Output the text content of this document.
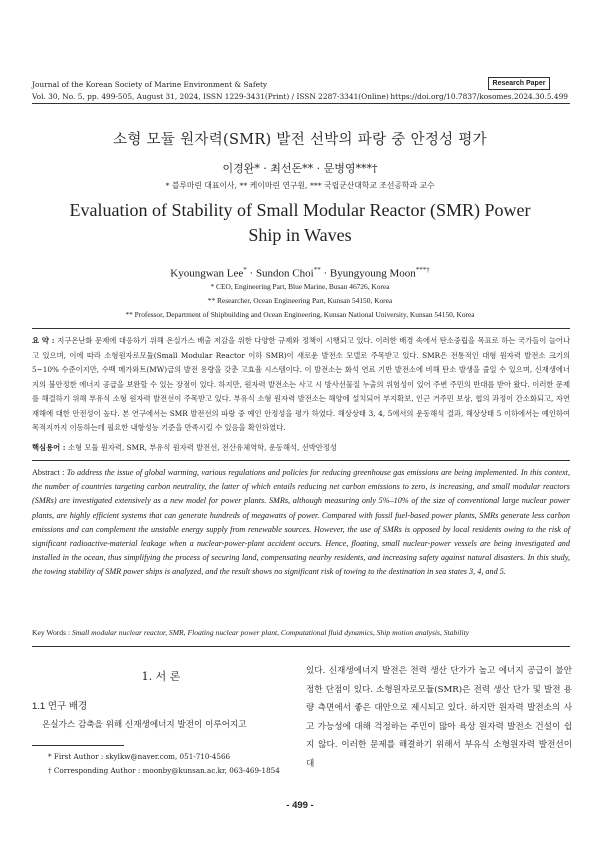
Journal of the Korean Society of Marine Environment & Safety	Research Paper
Vol. 30, No. 5, pp. 499-505, August 31, 2024, ISSN 1229-3431(Print) / ISSN 2287-3341(Online) https://doi.org/10.7837/kosomes.2024.30.5.499
소형 모듈 원자력(SMR) 발전 선박의 파랑 중 안정성 평가
이경완* · 최선돈** · 문병영***†
* 블루마린 대표이사, ** 케이마린 연구원, *** 국립군산대학교 조선공학과 교수
Evaluation of Stability of Small Modular Reactor (SMR) Power Ship in Waves
Kyoungwan Lee* · Sundon Choi** · Byungyoung Moon***†
* CEO, Engineering Part, Blue Marine, Busan 46726, Korea
** Researcher, Ocean Engineering Part, Kunsan 54150, Korea
** Professor, Department of Shipbuilding and Ocean Engineering, Kunsan National University, Kunsan 54150, Korea
요 약 : 지구온난화 문제에 대응하기 위해 온실가스 배출 저감을 위한 다양한 규제와 정책이 시행되고 있다. 이러한 배경 속에서 탄소중립을 목표로 하는 국가들이 늘어나고 있으며, 이에 따라 소형원자로모듈(Small Modular Reactor 이하 SMR)이 새로운 발전소 모델로 주목받고 있다. SMR은 전통적인 대형 원자력 발전소 크기의 5~10% 수준이지만, 수백 메가와트(MW)급의 발전 용량을 갖춘 고효율 시스템이다. 이 발전소는 화석 연료 기반 발전소에 비해 탄소 발생을 줄일 수 있으며, 신재생에너지의 불안정한 에너지 공급을 보완할 수 있는 장점이 있다. 하지만, 원자력 발전소는 사고 시 방사선물질 누출의 위험성이 있어 주변 주민의 반대를 받아 왔다. 이러한 문제를 해결하기 위해 부유식 소형 원자력 발전선이 주목받고 있다. 부유식 소형 원자력 발전소는 해양에 설치되어 부지확보, 인근 거주민 보상, 협의 과정이 간소화되고, 자연재해에 대한 안전성이 높다. 본 연구에서는 SMR 발전선의 파랑 중 예인 안정성을 평가 하였다. 해상상태 3, 4, 5에서의 운동해석 결과, 해상상태 5 이하에서는 예인하여 목적지까지 이동하는데 필요한 내항성능 기준을 만족시킬 수 있음을 확인하였다.
핵심용어 : 소형 모듈 원자력, SMR, 부유식 원자력 발전선, 전산유체역학, 운동해석, 선박안정성
Abstract : To address the issue of global warming, various regulations and policies for reducing greenhouse gas emissions are being implemented. In this context, the number of countries targeting carbon neutrality, the latter of which entails reducing net carbon emissions to zero, is increasing, and small modular reactors (SMRs) are investigated extensively as a new model for power plants. SMRs, although measuring only 5%–10% of the size of conventional large nuclear power plants, are highly efficient systems that can generate hundreds of megawatts of power. Compared with fossil fuel-based power plants, SMRs generate less carbon emissions and can complement the unstable energy supply from renewable sources. However, the use of SMRs is opposed by local residents owing to the risk of significant radioactive-material leakage when a nuclear-power-plant accident occurs. Hence, floating, small nuclear-power vessels are being investigated and installed in the ocean, thus simplifying the process of securing land, compensating nearby residents, and increasing safety against natural disasters. In this study, the towing stability of SMR power ships is analyzed, and the result shows no significant risk of towing to the destination in sea states 3, 4, and 5.
Key Words : Small modular nuclear reactor, SMR, Floating nuclear power plant, Computational fluid dynamics, Ship motion analysis, Stability
1. 서 론
1.1 연구 배경
온실가스 감축을 위해 신재생에너지 발전이 이루어지고
있다. 신재생에너지 발전은 전력 생산 단가가 높고 에너지 공급이 불안정한 단점이 있다. 소형원자로모듈(SMR)은 전력 생산 단가 및 발전 용량 측면에서 좋은 대안으로 제시되고 있다. 하지만 원자력 발전소의 사고 가능성에 대해 걱정하는 주민이 많아 육상 원자력 발전소 건설이 쉽지 않다. 이러한 문제를 해결하기 위해서 부유식 소형원자력 발전선이 대
* First Author : skylkw@naver.com, 051-710-4566
† Corresponding Author : moonby@kunsan.ac.kr, 063-469-1854
- 499 -
